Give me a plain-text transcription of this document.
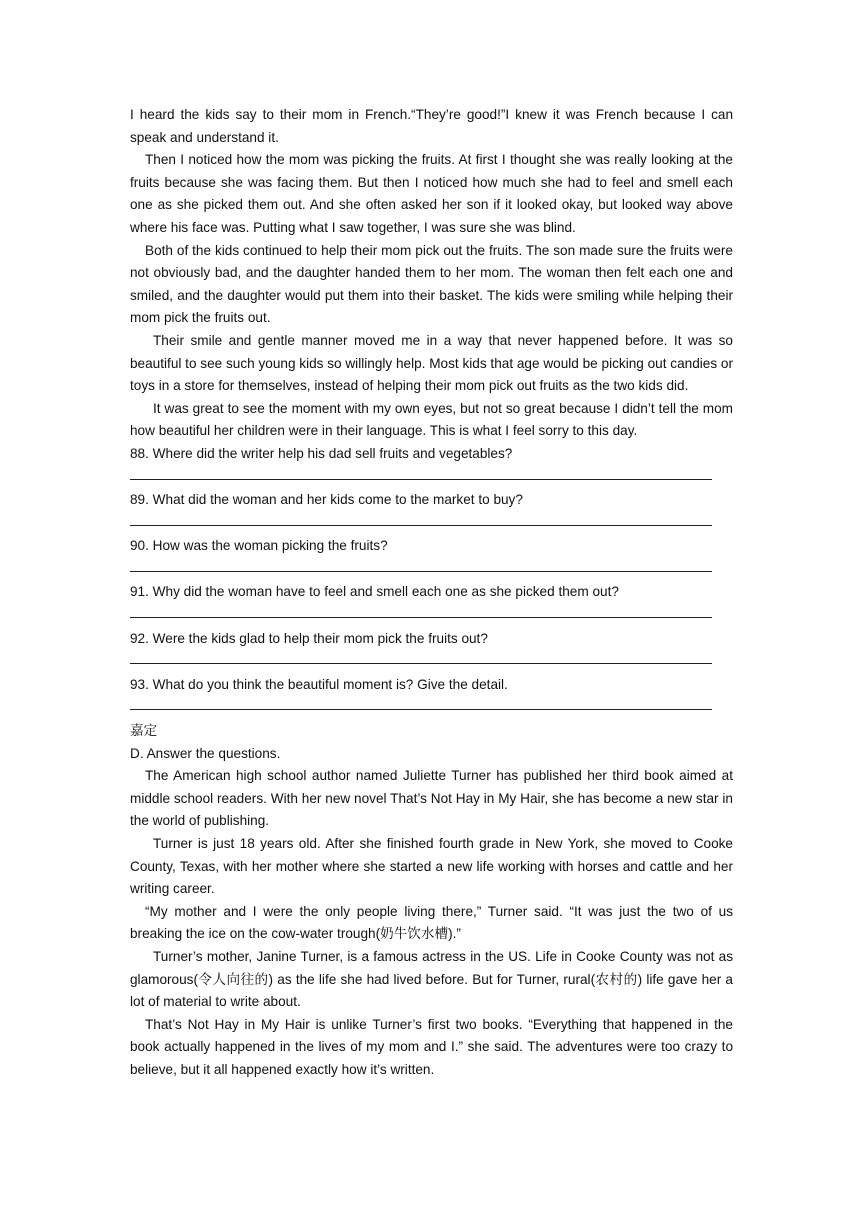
I heard the kids say to their mom in French.“They’re good!”I knew it was French because I can speak and understand it.

Then I noticed how the mom was picking the fruits. At first I thought she was really looking at the fruits because she was facing them. But then I noticed how much she had to feel and smell each one as she picked them out. And she often asked her son if it looked okay, but looked way above where his face was. Putting what I saw together, I was sure she was blind.

Both of the kids continued to help their mom pick out the fruits. The son made sure the fruits were not obviously bad, and the daughter handed them to her mom. The woman then felt each one and smiled, and the daughter would put them into their basket. The kids were smiling while helping their mom pick the fruits out.

Their smile and gentle manner moved me in a way that never happened before. It was so beautiful to see such young kids so willingly help. Most kids that age would be picking out candies or toys in a store for themselves, instead of helping their mom pick out fruits as the two kids did.

It was great to see the moment with my own eyes, but not so great because I didn’t tell the mom how beautiful her children were in their language. This is what I feel sorry to this day.

88. Where did the writer help his dad sell fruits and vegetables?

89. What did the woman and her kids come to the market to buy?

90. How was the woman picking the fruits?

91. Why did the woman have to feel and smell each one as she picked them out?

92. Were the kids glad to help their mom pick the fruits out?

93. What do you think the beautiful moment is? Give the detail.

嘉定

D. Answer the questions.

The American high school author named Juliette Turner has published her third book aimed at middle school readers. With her new novel That’s Not Hay in My Hair, she has become a new star in the world of publishing.

Turner is just 18 years old. After she finished fourth grade in New York, she moved to Cooke County, Texas, with her mother where she started a new life working with horses and cattle and her writing career.

“My mother and I were the only people living there,” Turner said. “It was just the two of us breaking the ice on the cow-water trough(奶牛饮水槽).”

Turner’s mother, Janine Turner, is a famous actress in the US. Life in Cooke County was not as glamorous(令人向往的) as the life she had lived before. But for Turner, rural(农村的) life gave her a lot of material to write about.

That’s Not Hay in My Hair is unlike Turner’s first two books. “Everything that happened in the book actually happened in the lives of my mom and I.” she said. The adventures were too crazy to believe, but it all happened exactly how it’s written.
